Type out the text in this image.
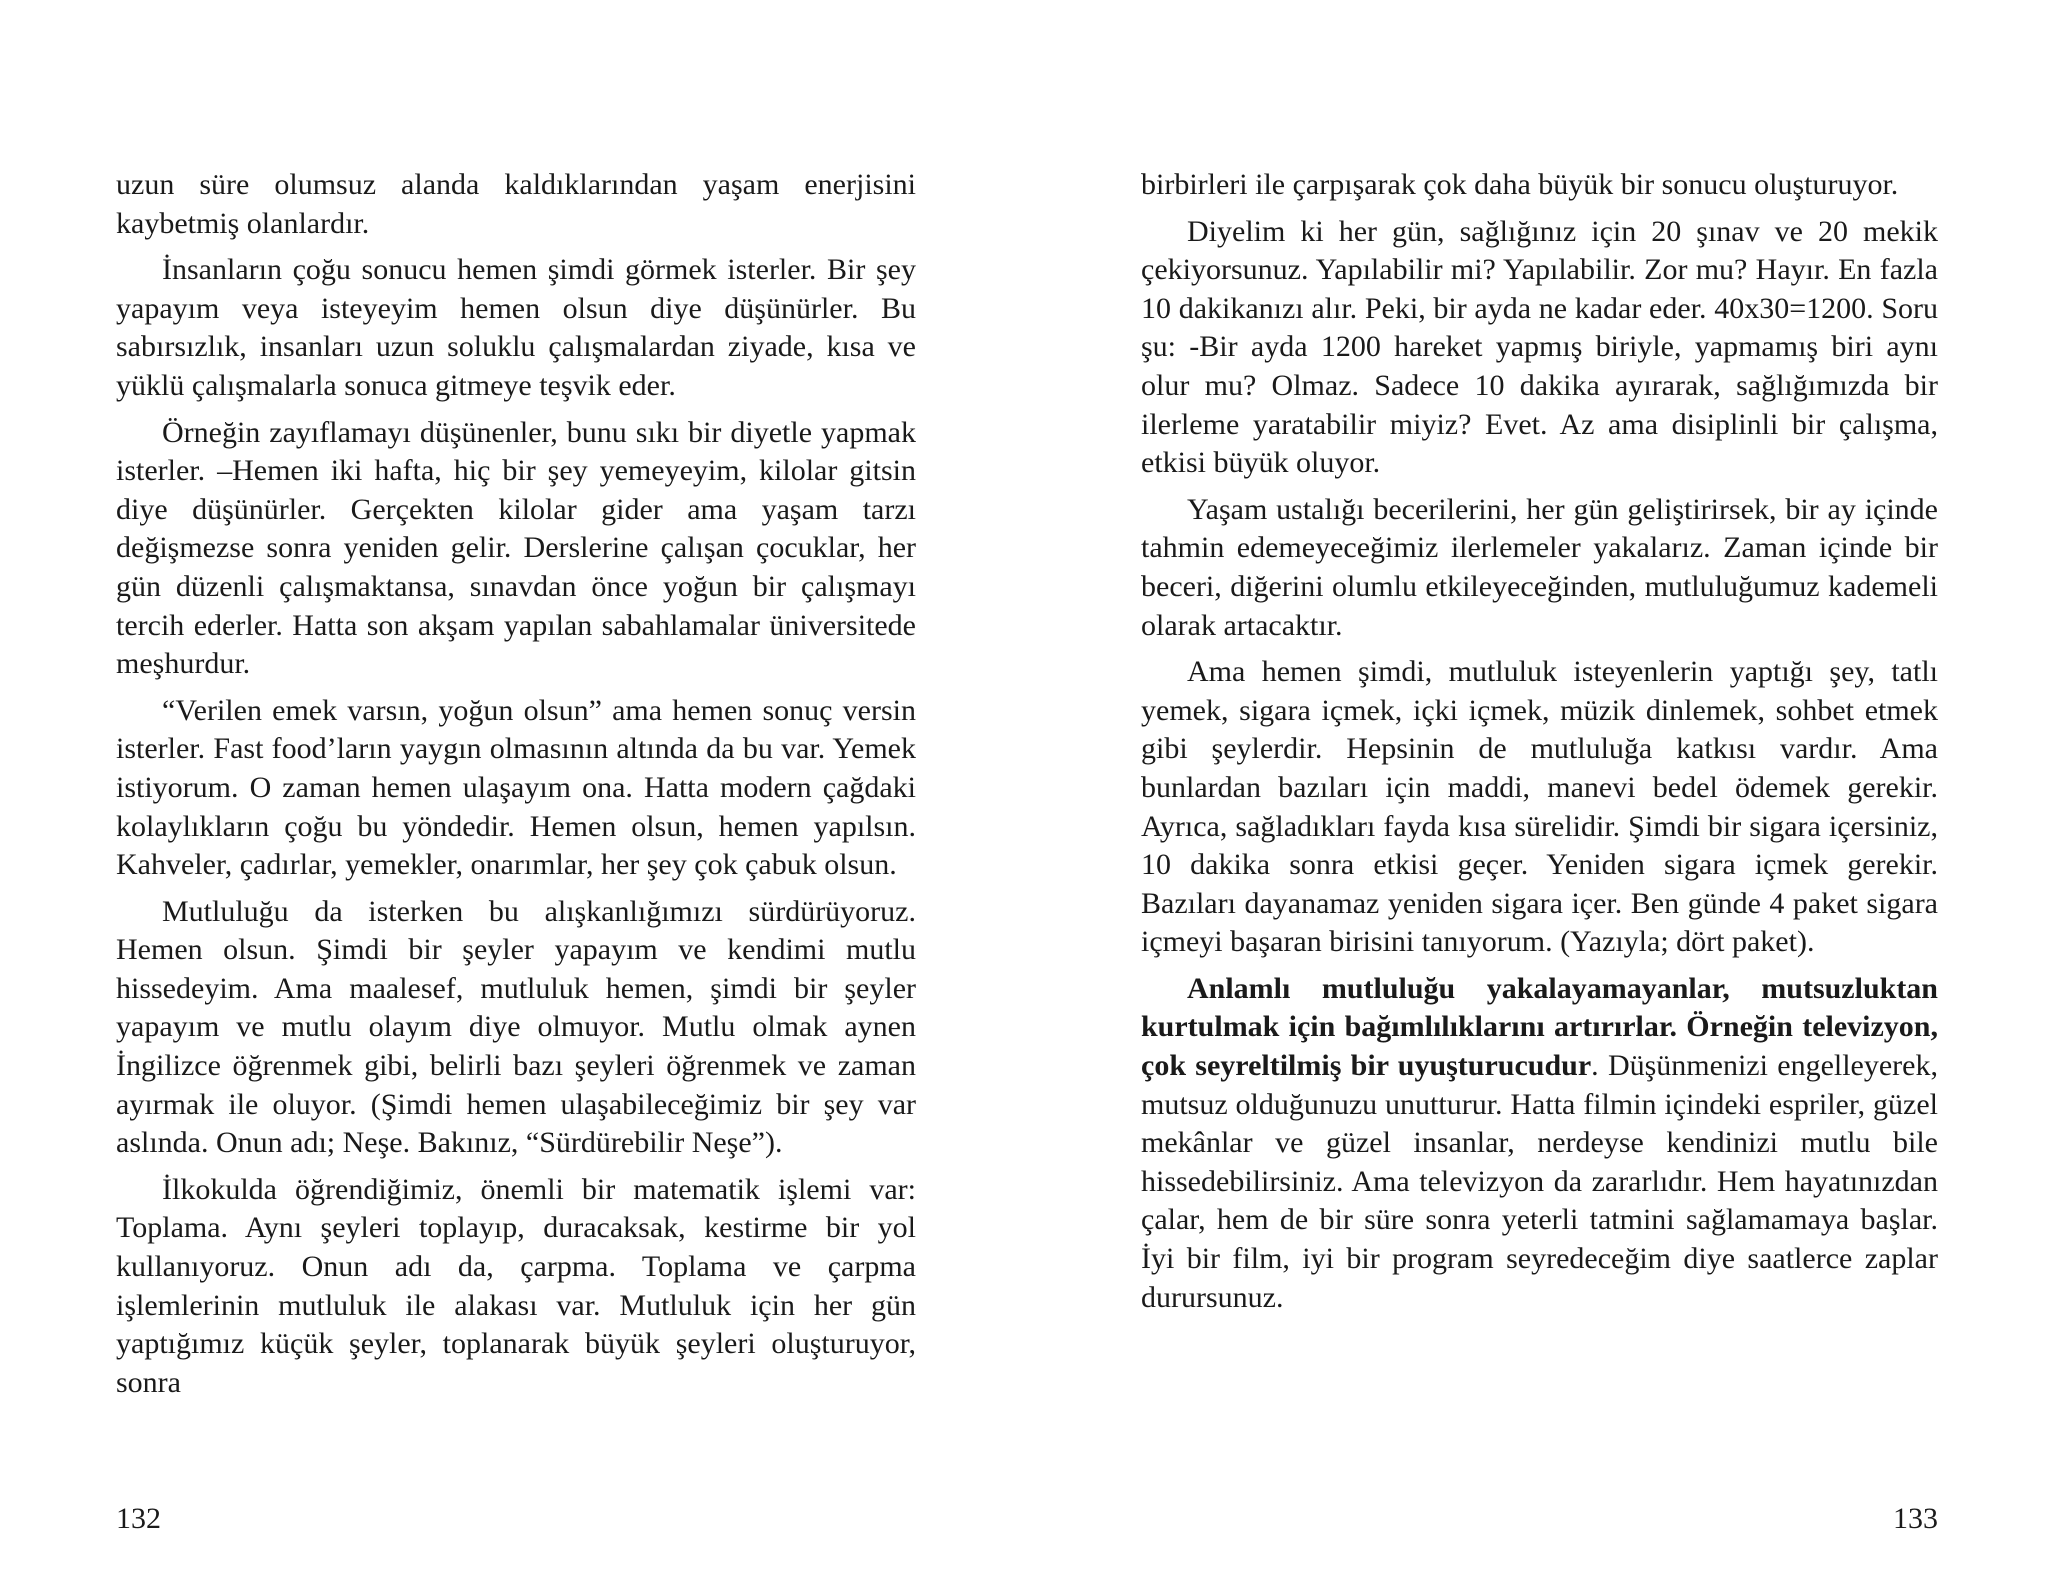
uzun süre olumsuz alanda kaldıklarından yaşam enerjisini kaybetmiş olanlardır.

İnsanların çoğu sonucu hemen şimdi görmek isterler. Bir şey yapayım veya isteyeyim hemen olsun diye düşünürler. Bu sabırsızlık, insanları uzun soluklu çalışmalardan ziyade, kısa ve yüklü çalışmalarla sonuca gitmeye teşvik eder.

Örneğin zayıflamayı düşünenler, bunu sıkı bir diyetle yapmak isterler. –Hemen iki hafta, hiç bir şey yemeyeyim, kilolar gitsin diye düşünürler. Gerçekten kilolar gider ama yaşam tarzı değişmezse sonra yeniden gelir. Derslerine çalışan çocuklar, her gün düzenli çalışmaktansa, sınavdan önce yoğun bir çalışmayı tercih ederler. Hatta son akşam yapılan sabahlamalar üniversitede meşhurdur.

“Verilen emek varsın, yoğun olsun” ama hemen sonuç versin isterler. Fast food’ların yaygın olmasının altında da bu var. Yemek istiyorum. O zaman hemen ulaşayım ona. Hatta modern çağdaki kolaylıkların çoğu bu yöndedir. Hemen olsun, hemen yapılsın. Kahveler, çadırlar, yemekler, onarımlar, her şey çok çabuk olsun.

Mutluluğu da isterken bu alışkanlığımızı sürdürüyoruz. Hemen olsun. Şimdi bir şeyler yapayım ve kendimi mutlu hissedeyim. Ama maalesef, mutluluk hemen, şimdi bir şeyler yapayım ve mutlu olayım diye olmuyor. Mutlu olmak aynen İngilizce öğrenmek gibi, belirli bazı şeyleri öğrenmek ve zaman ayırmak ile oluyor. (Şimdi hemen ulaşabileceğimiz bir şey var aslında. Onun adı; Neşe. Bakınız, “Sürdürebilir Neşe”).

İlkokulda öğrendiğimiz, önemli bir matematik işlemi var: Toplama. Aynı şeyleri toplayıp, duracaksak, kestirme bir yol kullanıyoruz. Onun adı da, çarpma. Toplama ve çarpma işlemlerinin mutluluk ile alakası var. Mutluluk için her gün yaptığımız küçük şeyler, toplanarak büyük şeyleri oluşturuyor, sonra

birbirleri ile çarpışarak çok daha büyük bir sonucu oluşturuyor.

Diyelim ki her gün, sağlığınız için 20 şınav ve 20 mekik çekiyorsunuz. Yapılabilir mi? Yapılabilir. Zor mu? Hayır. En fazla 10 dakikanızı alır. Peki, bir ayda ne kadar eder. 40x30=1200. Soru şu: -Bir ayda 1200 hareket yapmış biriyle, yapmamış biri aynı olur mu? Olmaz. Sadece 10 dakika ayırarak, sağlığımızda bir ilerleme yaratabilir miyiz? Evet. Az ama disiplinli bir çalışma, etkisi büyük oluyor.

Yaşam ustalığı becerilerini, her gün geliştirirsek, bir ay içinde tahmin edemeyeceğimiz ilerlemeler yakalarız. Zaman içinde bir beceri, diğerini olumlu etkileyeceğinden, mutluluğumuz kademeli olarak artacaktır.

Ama hemen şimdi, mutluluk isteyenlerin yaptığı şey, tatlı yemek, sigara içmek, içki içmek, müzik dinlemek, sohbet etmek gibi şeylerdir. Hepsinin de mutluluğa katkısı vardır. Ama bunlardan bazıları için maddi, manevi bedel ödemek gerekir. Ayrıca, sağladıkları fayda kısa sürelidir. Şimdi bir sigara içersiniz, 10 dakika sonra etkisi geçer. Yeniden sigara içmek gerekir. Bazıları dayanamaz yeniden sigara içer. Ben günde 4 paket sigara içmeyi başaran birisini tanıyorum. (Yazıyla; dört paket).

Anlamlı mutluluğu yakalayamayanlar, mutsuzluktan kurtulmak için bağımlılıklarını artırırlar. Örneğin televizyon, çok seyreltilmiş bir uyuşturucudur. Düşünmenizi engelleyerek, mutsuz olduğunuzu unutturur. Hatta filmin içindeki espriler, güzel mekânlar ve güzel insanlar, nerdeyse kendinizi mutlu bile hissedebilirsiniz. Ama televizyon da zararlıdır. Hem hayatınızdan çalar, hem de bir süre sonra yeterli tatmini sağlamamaya başlar. İyi bir film, iyi bir program seyredeceğim diye saatlerce zaplar durursunuz.

132	133
